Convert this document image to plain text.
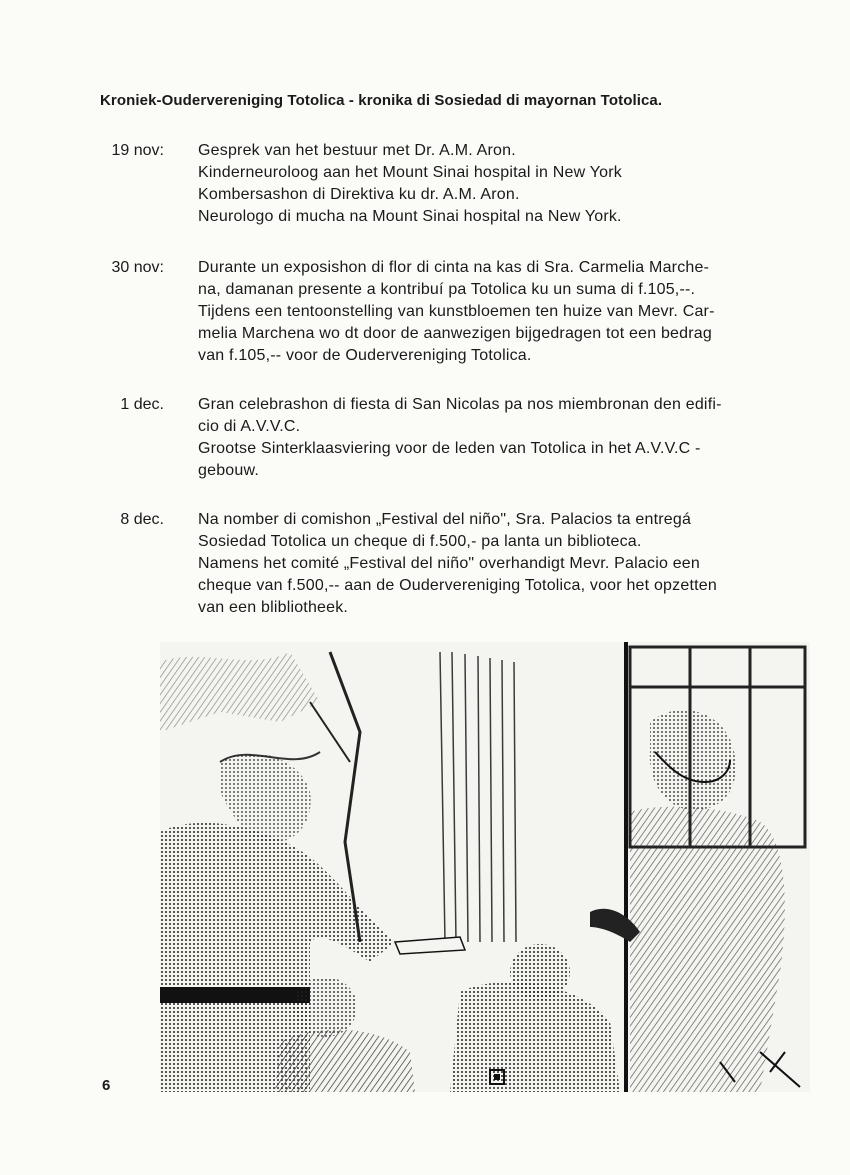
Kroniek-Oudervereniging Totolica - kronika di Sosiedad di mayornan Totolica.
19 nov: Gesprek van het bestuur met Dr. A.M. Aron.
Kinderneuroloog aan het Mount Sinai hospital in New York
Kombersashon di Direktiva ku dr. A.M. Aron.
Neurologo di mucha na Mount Sinai hospital na New York.
30 nov: Durante un exposishon di flor di cinta na kas di Sra. Carmelia Marche-
na, damanan presente a kontribuí pa Totolica ku un suma di f.105,--.
Tijdens een tentoonstelling van kunstbloemen ten huize van Mevr. Car-
melia Marchena wo dt door de aanwezigen bijgedragen tot een bedrag
van f.105,-- voor de Oudervereniging Totolica.
1 dec. Gran celebrashon di fiesta di San Nicolas pa nos miembronan den edifi-
cio di A.V.V.C.
Grootse Sinterklaasviering voor de leden van Totolica in het A.V.V.C -
gebouw.
8 dec. Na nomber di comishon „Festival del niño", Sra. Palacios ta entregá
Sosiedad Totolica un cheque di f.500,- pa lanta un biblioteca.
Namens het comité „Festival del niño" overhandigt Mevr. Palacio een
cheque van f.500,-- aan de Oudervereniging Totolica, voor het opzetten
van een blibliotheek.
6
